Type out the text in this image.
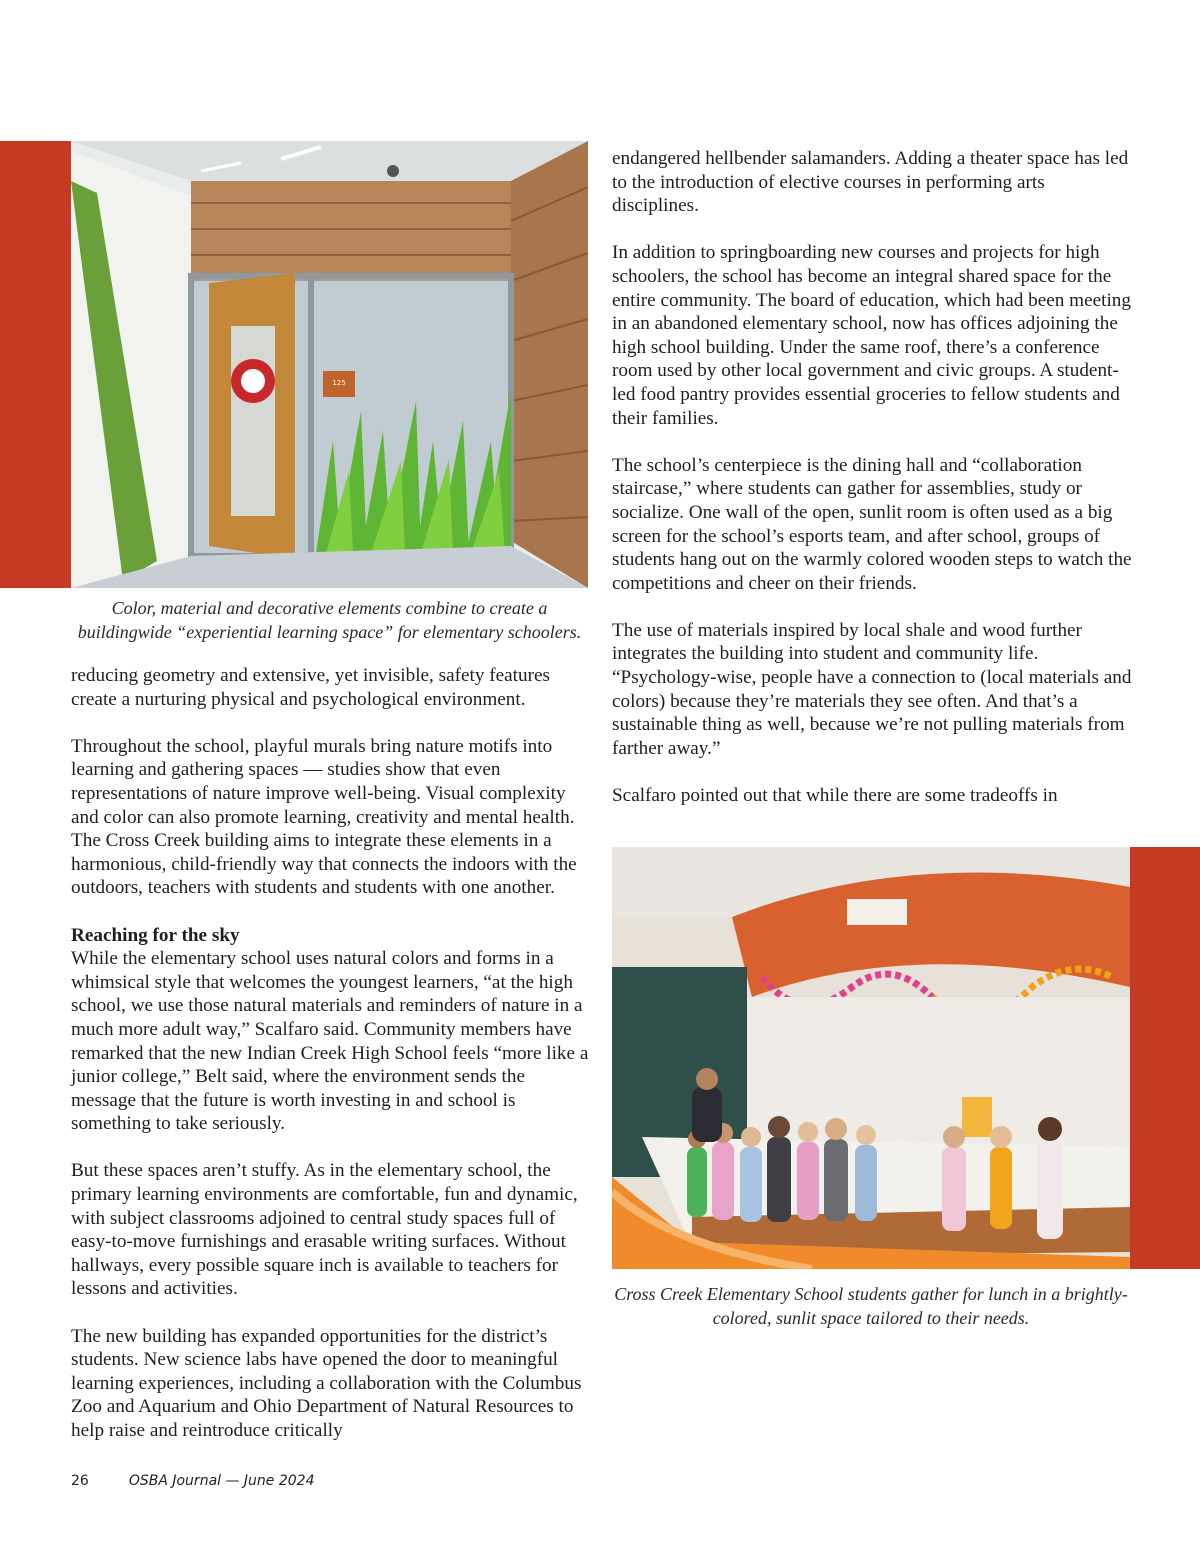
125
Color, material and decorative elements combine to create a buildingwide “experiential learning space” for elementary schoolers.
Cross Creek Elementary School students gather for lunch in a brightly-colored, sunlit space tailored to their needs.

reducing geometry and extensive, yet invisible, safety features create a nurturing physical and psychological environment.

Throughout the school, playful murals bring nature motifs into learning and gathering spaces — studies show that even representations of nature improve well-being. Visual complexity and color can also promote learning, creativity and mental health. The Cross Creek building aims to integrate these elements in a harmonious, child-friendly way that connects the indoors with the outdoors, teachers with students and students with one another.

Reaching for the sky

While the elementary school uses natural colors and forms in a whimsical style that welcomes the youngest learners, “at the high school, we use those natural materials and reminders of nature in a much more adult way,” Scalfaro said. Community members have remarked that the new Indian Creek High School feels “more like a junior college,” Belt said, where the environment sends the message that the future is worth investing in and school is something to take seriously.

But these spaces aren’t stuffy. As in the elementary school, the primary learning environments are comfortable, fun and dynamic, with subject classrooms adjoined to central study spaces full of easy-to-move furnishings and erasable writing surfaces. Without hallways, every possible square inch is available to teachers for lessons and activities.

The new building has expanded opportunities for the district’s students. New science labs have opened the door to meaningful learning experiences, including a collaboration with the Columbus Zoo and Aquarium and Ohio Department of Natural Resources to help raise and reintroduce critically

endangered hellbender salamanders. Adding a theater space has led to the introduction of elective courses in performing arts disciplines.

In addition to springboarding new courses and projects for high schoolers, the school has become an integral shared space for the entire community. The board of education, which had been meeting in an abandoned elementary school, now has offices adjoining the high school building. Under the same roof, there’s a conference room used by other local government and civic groups. A student-led food pantry provides essential groceries to fellow students and their families.

The school’s centerpiece is the dining hall and “collaboration staircase,” where students can gather for assemblies, study or socialize. One wall of the open, sunlit room is often used as a big screen for the school’s esports team, and after school, groups of students hang out on the warmly colored wooden steps to watch the competitions and cheer on their friends.

The use of materials inspired by local shale and wood further integrates the building into student and community life. “Psychology-wise, people have a connection to (local materials and colors) because they’re materials they see often. And that’s a sustainable thing as well, because we’re not pulling materials from farther away.”

Scalfaro pointed out that while there are some tradeoffs in

26	OSBA Journal — June 2024
